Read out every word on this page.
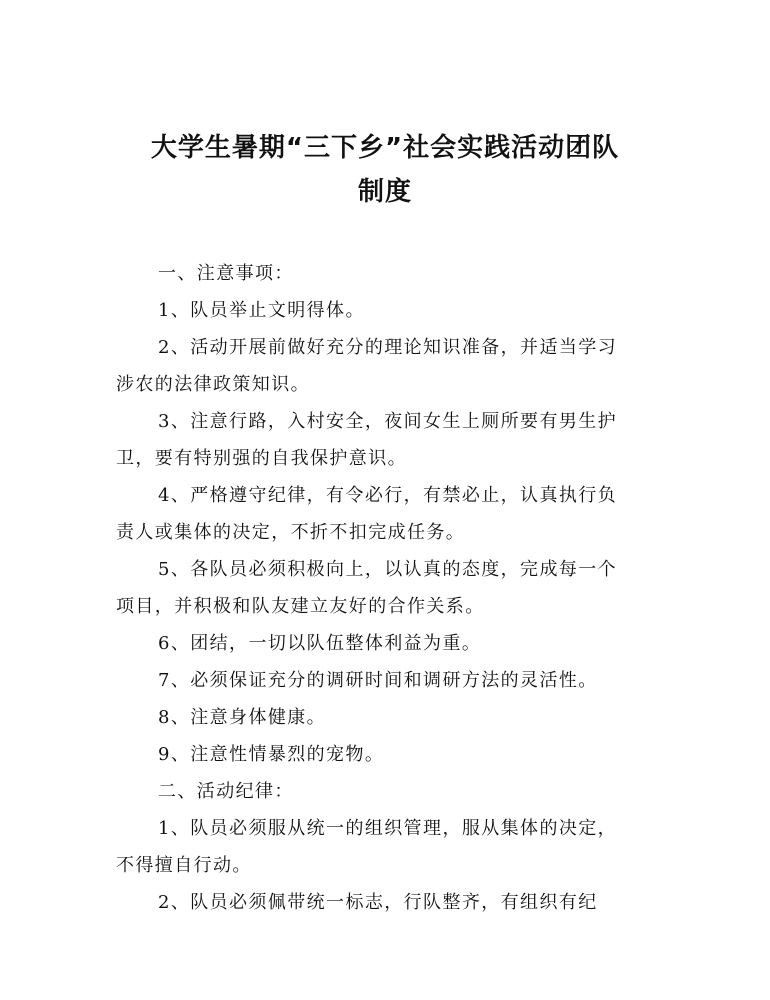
大学生暑期“三下乡”社会实践活动团队
制度
一、注意事项：
1、队员举止文明得体。
2、活动开展前做好充分的理论知识准备，并适当学习
涉农的法律政策知识。
3、注意行路，入村安全，夜间女生上厕所要有男生护
卫，要有特别强的自我保护意识。
4、严格遵守纪律，有令必行，有禁必止，认真执行负
责人或集体的决定，不折不扣完成任务。
5、各队员必须积极向上，以认真的态度，完成每一个
项目，并积极和队友建立友好的合作关系。
6、团结，一切以队伍整体利益为重。
7、必须保证充分的调研时间和调研方法的灵活性。
8、注意身体健康。
9、注意性情暴烈的宠物。
二、活动纪律：
1、队员必须服从统一的组织管理，服从集体的决定，
不得擅自行动。
2、队员必须佩带统一标志，行队整齐，有组织有纪
